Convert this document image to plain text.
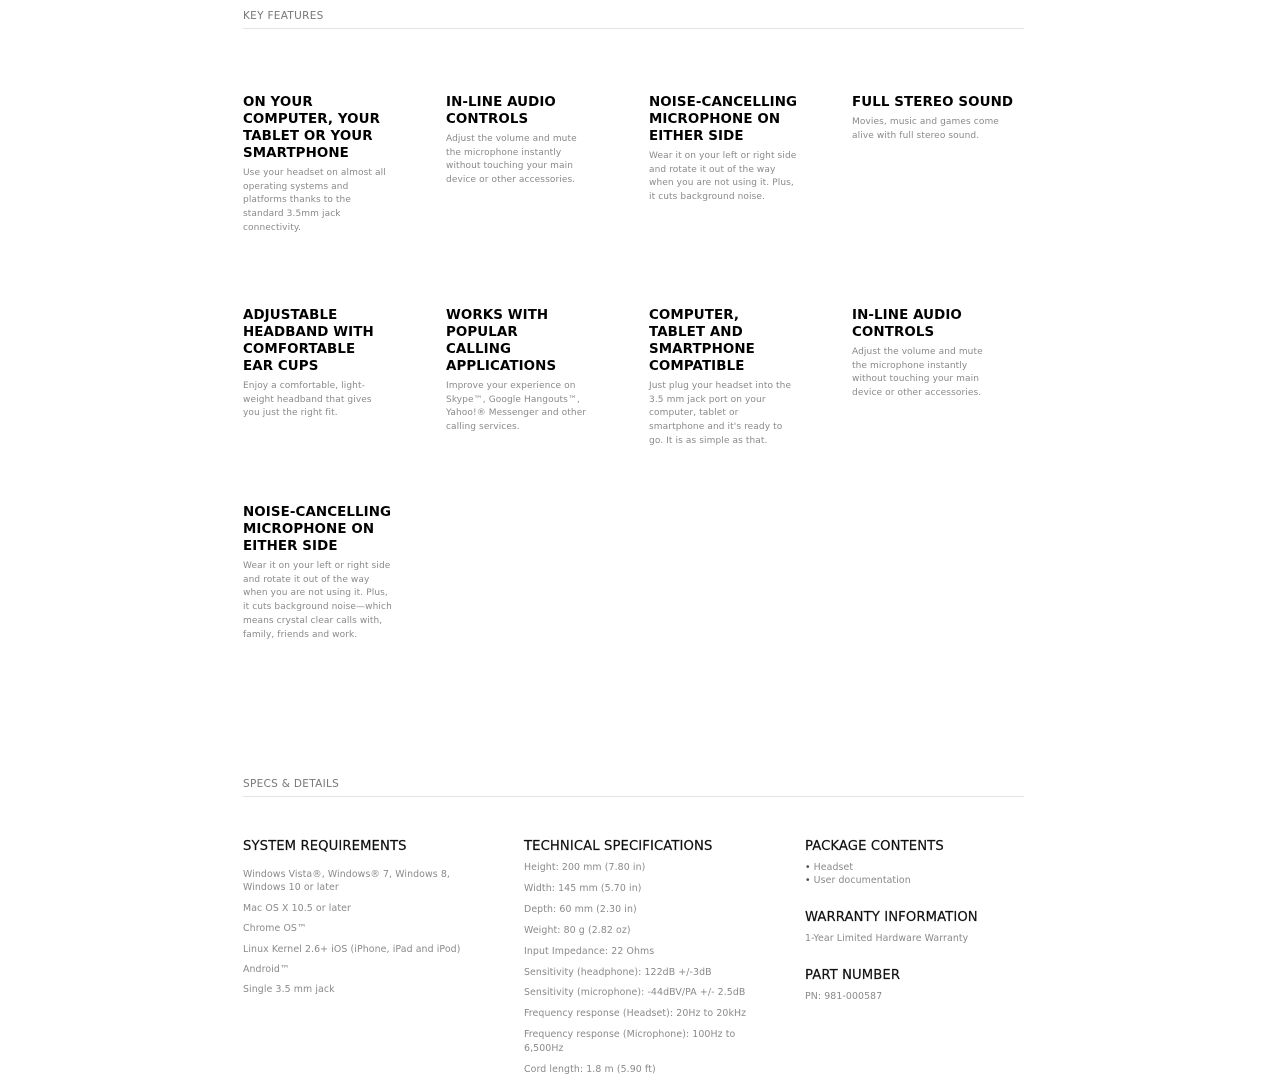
KEY FEATURES
ON YOUR COMPUTER, YOUR TABLET OR YOUR SMARTPHONE

Use your headset on almost all operating systems and platforms thanks to the standard 3.5mm jack connectivity.

IN-LINE AUDIO CONTROLS

Adjust the volume and mute the microphone instantly without touching your main device or other accessories.

NOISE-CANCELLING MICROPHONE ON EITHER SIDE

Wear it on your left or right side and rotate it out of the way when you are not using it. Plus, it cuts background noise.

FULL STEREO SOUND

Movies, music and games come alive with full stereo sound.

ADJUSTABLE HEADBAND WITH COMFORTABLE EAR CUPS

Enjoy a comfortable, light-weight headband that gives you just the right fit.

WORKS WITH POPULAR CALLING APPLICATIONS

Improve your experience on Skype™, Google Hangouts™, Yahoo!® Messenger and other calling services.

COMPUTER, TABLET AND SMARTPHONE COMPATIBLE

Just plug your headset into the 3.5 mm jack port on your computer, tablet or smartphone and it's ready to go. It is as simple as that.

IN-LINE AUDIO CONTROLS

Adjust the volume and mute the microphone instantly without touching your main device or other accessories.

NOISE-CANCELLING MICROPHONE ON EITHER SIDE

Wear it on your left or right side and rotate it out of the way when you are not using it. Plus, it cuts background noise—which means crystal clear calls with, family, friends and work.

SPECS & DETAILS
SYSTEM REQUIREMENTS
Windows Vista®, Windows® 7, Windows 8, Windows 10 or later
Mac OS X 10.5 or later
Chrome OS™
Linux Kernel 2.6+ iOS (iPhone, iPad and iPod)
Android™
Single 3.5 mm jack
TECHNICAL SPECIFICATIONS
Height: 200 mm (7.80 in)
Width: 145 mm (5.70 in)
Depth: 60 mm (2.30 in)
Weight: 80 g (2.82 oz)
Input Impedance: 22 Ohms
Sensitivity (headphone): 122dB +/-3dB
Sensitivity (microphone): -44dBV/PA +/- 2.5dB
Frequency response (Headset): 20Hz to 20kHz
Frequency response (Microphone): 100Hz to 6,500Hz
Cord length: 1.8 m (5.90 ft)
PACKAGE CONTENTS
• Headset
• User documentation
WARRANTY INFORMATION
1-Year Limited Hardware Warranty
PART NUMBER
PN: 981-000587
